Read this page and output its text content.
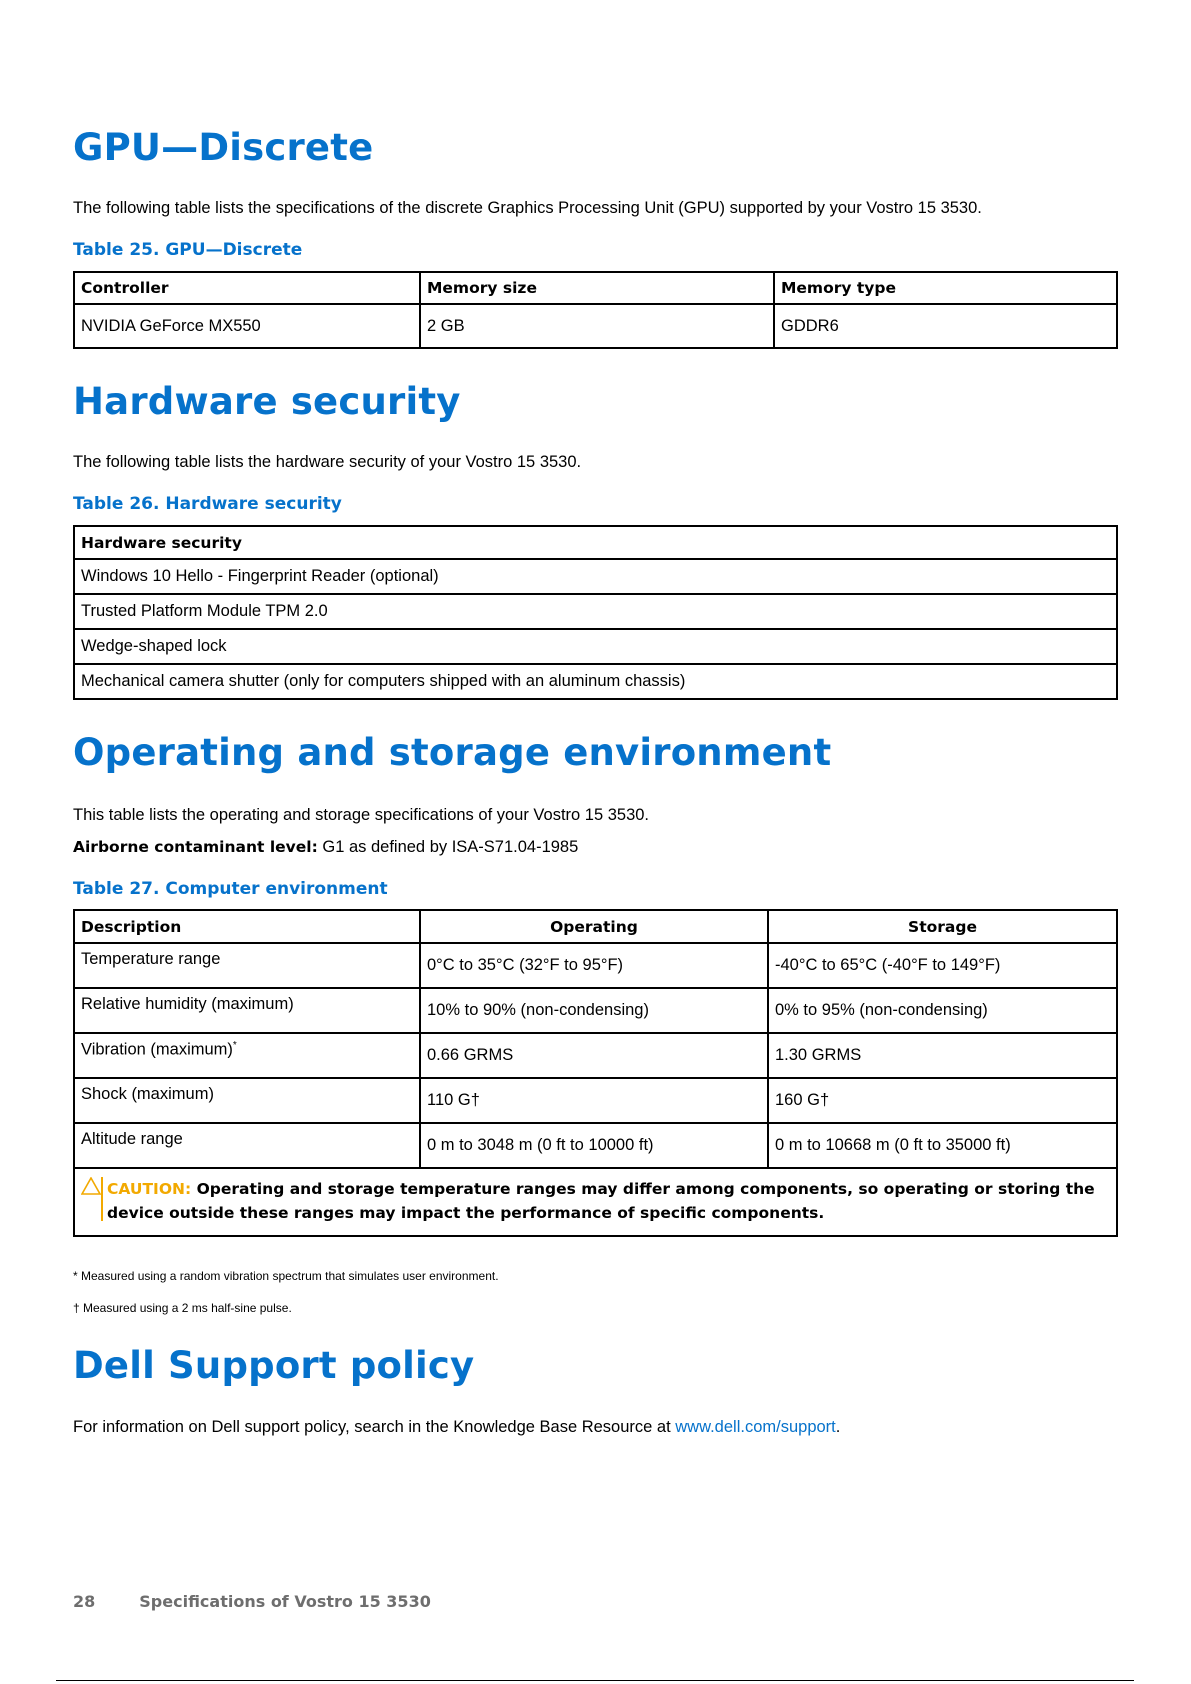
GPU—Discrete

The following table lists the specifications of the discrete Graphics Processing Unit (GPU) supported by your Vostro 15 3530.

Table 25. GPU—Discrete

Controller	Memory size	Memory type
NVIDIA GeForce MX550	2 GB	GDDR6
Hardware security

The following table lists the hardware security of your Vostro 15 3530.

Table 26. Hardware security

Hardware security
Windows 10 Hello - Fingerprint Reader (optional)
Trusted Platform Module TPM 2.0
Wedge-shaped lock
Mechanical camera shutter (only for computers shipped with an aluminum chassis)
Operating and storage environment

This table lists the operating and storage specifications of your Vostro 15 3530.

Airborne contaminant level: G1 as defined by ISA-S71.04-1985

Table 27. Computer environment

Description	Operating	Storage
Temperature range	0°C to 35°C (32°F to 95°F)	-40°C to 65°C (-40°F to 149°F)
Relative humidity (maximum)	10% to 90% (non-condensing)	0% to 95% (non-condensing)
Vibration (maximum)*	0.66 GRMS	1.30 GRMS
Shock (maximum)	110 G†	160 G†
Altitude range	0 m to 3048 m (0 ft to 10000 ft)	0 m to 10668 m (0 ft to 35000 ft)

CAUTION: Operating and storage temperature ranges may differ among components, so operating or storing the device outside these ranges may impact the performance of specific components.		

* Measured using a random vibration spectrum that simulates user environment.

† Measured using a 2 ms half-sine pulse.

Dell Support policy

For information on Dell support policy, search in the Knowledge Base Resource at www.dell.com/support.

28	Specifications of Vostro 15 3530
